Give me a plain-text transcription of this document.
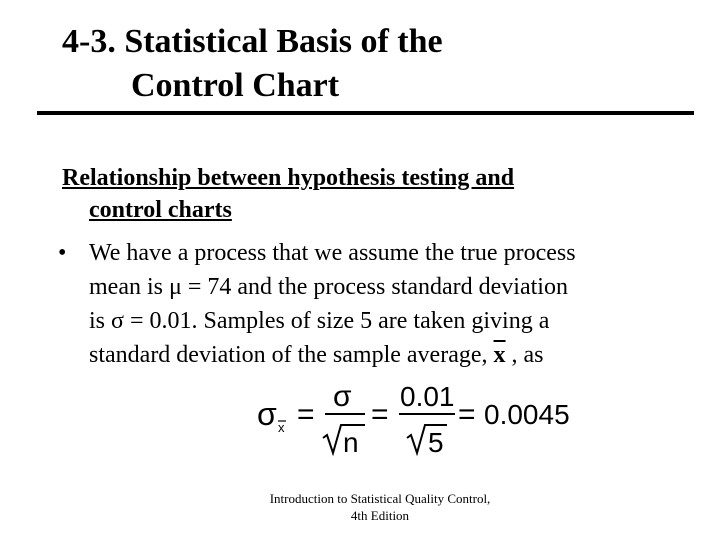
4-3. Statistical Basis of the
Control Chart
Relationship between hypothesis testing and
control charts
• We have a process that we assume the true process
mean is μ = 74 and the process standard deviation
is σ = 0.01. Samples of size 5 are taken giving a
standard deviation of the sample average, $\overline{x}$ , as
σ x =
σ
n
=
0.01
5
= 0.0045
Introduction to Statistical Quality Control,
4th Edition
